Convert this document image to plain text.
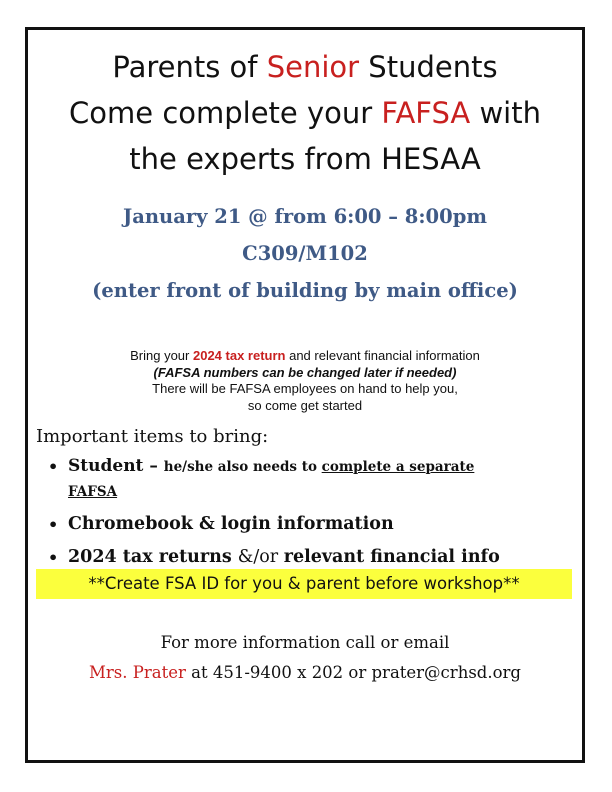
Parents of Senior Students
Come complete your FAFSA with
the experts from HESAA
January 21 @ from 6:00 – 8:00pm
C309/M102
(enter front of building by main office)
Bring your 2024 tax return and relevant financial information
(FAFSA numbers can be changed later if needed)
There will be FAFSA employees on hand to help you,
so come get started
Important items to bring:
• Student – he/she also needs to complete a separate
FAFSA
• Chromebook & login information
• 2024 tax returns &/or relevant financial info
**Create FSA ID for you & parent before workshop**
For more information call or email
Mrs. Prater at 451-9400 x 202 or prater@crhsd.org
